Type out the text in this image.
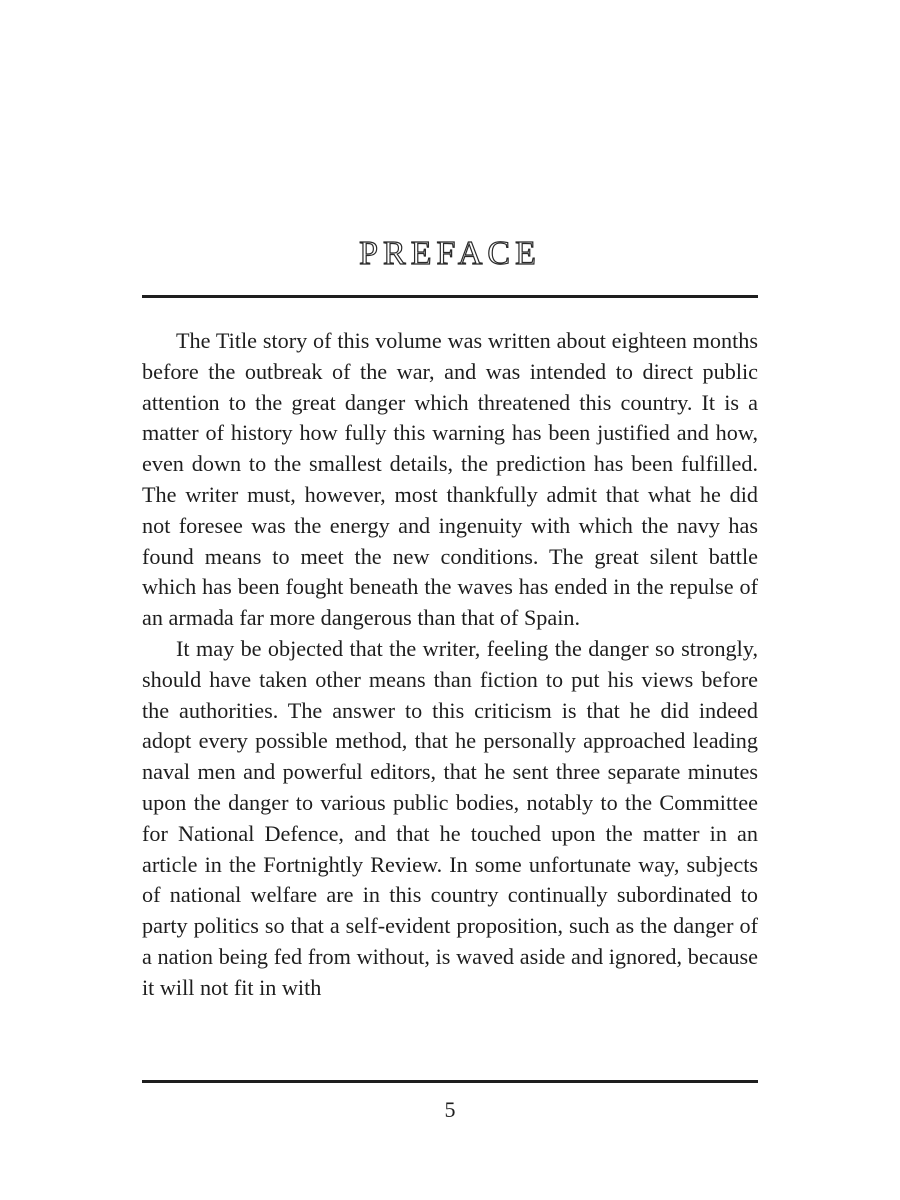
PREFACE

The Title story of this volume was written about eighteen months before the outbreak of the war, and was intended to direct public attention to the great danger which threatened this country. It is a matter of history how fully this warning has been justified and how, even down to the smallest details, the prediction has been fulfilled. The writer must, however, most thankfully admit that what he did not foresee was the energy and ingenuity with which the navy has found means to meet the new conditions. The great silent battle which has been fought beneath the waves has ended in the repulse of an armada far more dangerous than that of Spain.

It may be objected that the writer, feeling the danger so strongly, should have taken other means than fiction to put his views before the authorities. The answer to this criticism is that he did indeed adopt every possible method, that he personally approached leading naval men and powerful editors, that he sent three separate minutes upon the danger to various public bodies, notably to the Committee for National Defence, and that he touched upon the matter in an article in the Fortnightly Review. In some unfortunate way, subjects of national welfare are in this country continually subordinated to party politics so that a self-evident proposition, such as the danger of a nation being fed from without, is waved aside and ignored, because it will not fit in with

5
